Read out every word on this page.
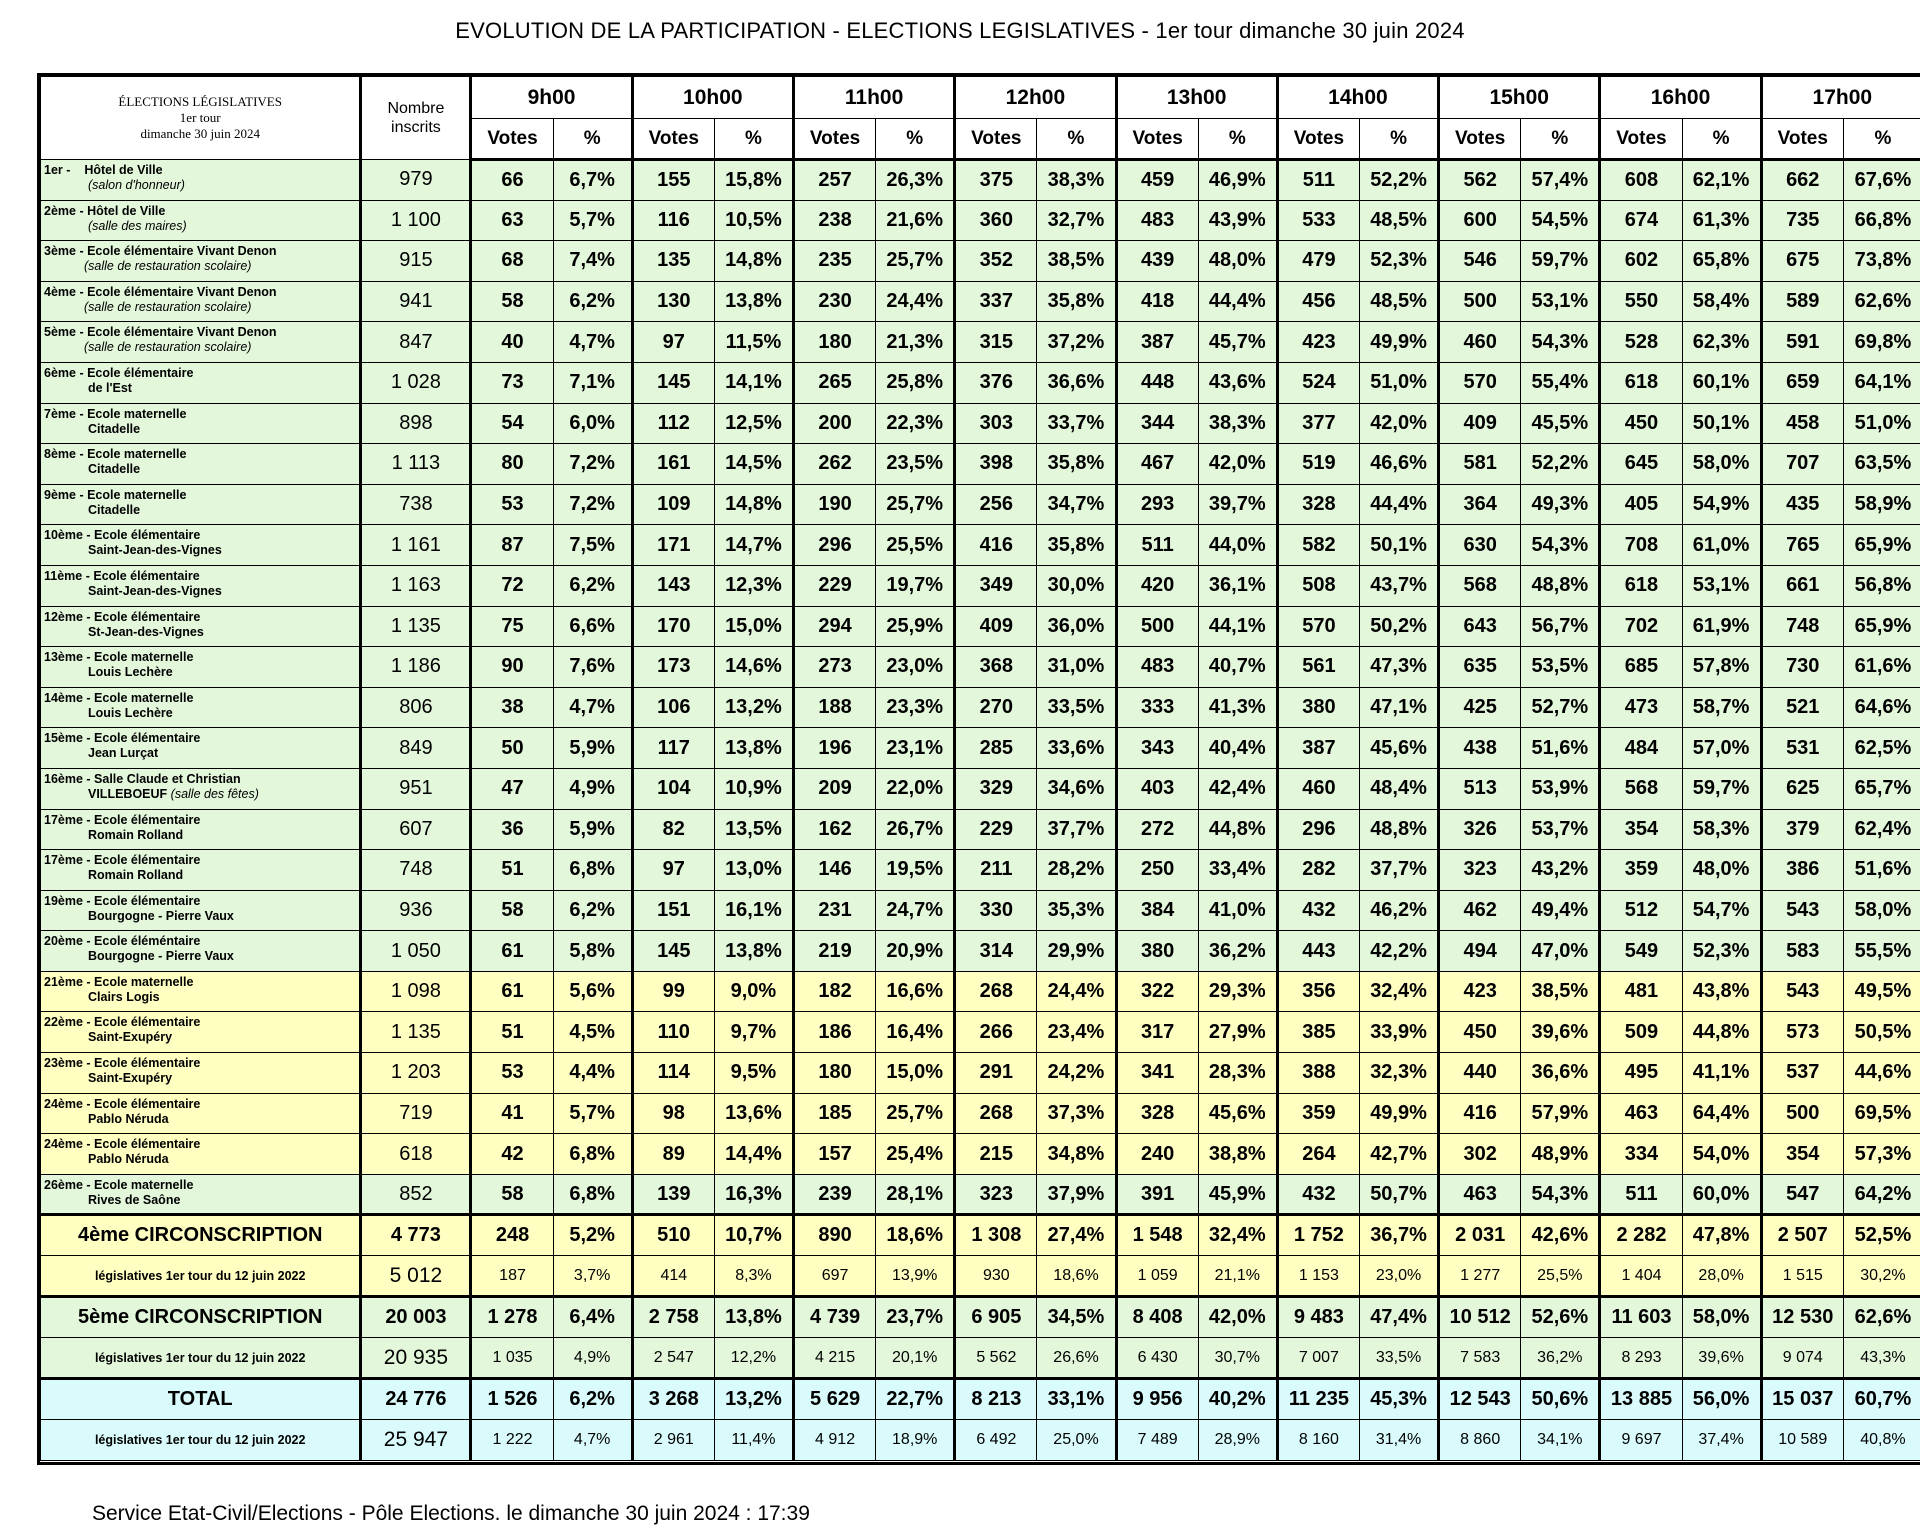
EVOLUTION DE LA PARTICIPATION - ELECTIONS LEGISLATIVES - 1er tour dimanche 30 juin 2024
ÉLECTIONS LÉGISLATIVES
1er tour
dimanche 30 juin 2024	Nombre inscrits	9h00		10h00		11h00		12h00		13h00		14h00		15h00		16h00		17h00	
		Votes	%	Votes	%	Votes	%	Votes	%	Votes	%	Votes	%	Votes	%	Votes	%	Votes	%
1er - Hôtel de Ville
(salon d'honneur)	979	66	6,7%	155	15,8%	257	26,3%	375	38,3%	459	46,9%	511	52,2%	562	57,4%	608	62,1%	662	67,6%
2ème - Hôtel de Ville
(salle des maires)	1 100	63	5,7%	116	10,5%	238	21,6%	360	32,7%	483	43,9%	533	48,5%	600	54,5%	674	61,3%	735	66,8%
3ème - Ecole élémentaire Vivant Denon
(salle de restauration scolaire)	915	68	7,4%	135	14,8%	235	25,7%	352	38,5%	439	48,0%	479	52,3%	546	59,7%	602	65,8%	675	73,8%
4ème - Ecole élémentaire Vivant Denon
(salle de restauration scolaire)	941	58	6,2%	130	13,8%	230	24,4%	337	35,8%	418	44,4%	456	48,5%	500	53,1%	550	58,4%	589	62,6%
5ème - Ecole élémentaire Vivant Denon
(salle de restauration scolaire)	847	40	4,7%	97	11,5%	180	21,3%	315	37,2%	387	45,7%	423	49,9%	460	54,3%	528	62,3%	591	69,8%
6ème - Ecole élémentaire
de l'Est	1 028	73	7,1%	145	14,1%	265	25,8%	376	36,6%	448	43,6%	524	51,0%	570	55,4%	618	60,1%	659	64,1%
7ème - Ecole maternelle
Citadelle	898	54	6,0%	112	12,5%	200	22,3%	303	33,7%	344	38,3%	377	42,0%	409	45,5%	450	50,1%	458	51,0%
8ème - Ecole maternelle
Citadelle	1 113	80	7,2%	161	14,5%	262	23,5%	398	35,8%	467	42,0%	519	46,6%	581	52,2%	645	58,0%	707	63,5%
9ème - Ecole maternelle
Citadelle	738	53	7,2%	109	14,8%	190	25,7%	256	34,7%	293	39,7%	328	44,4%	364	49,3%	405	54,9%	435	58,9%
10ème - Ecole élémentaire
Saint-Jean-des-Vignes	1 161	87	7,5%	171	14,7%	296	25,5%	416	35,8%	511	44,0%	582	50,1%	630	54,3%	708	61,0%	765	65,9%
11ème - Ecole élémentaire
Saint-Jean-des-Vignes	1 163	72	6,2%	143	12,3%	229	19,7%	349	30,0%	420	36,1%	508	43,7%	568	48,8%	618	53,1%	661	56,8%
12ème - Ecole élémentaire
St-Jean-des-Vignes	1 135	75	6,6%	170	15,0%	294	25,9%	409	36,0%	500	44,1%	570	50,2%	643	56,7%	702	61,9%	748	65,9%
13ème - Ecole maternelle
Louis Lechère	1 186	90	7,6%	173	14,6%	273	23,0%	368	31,0%	483	40,7%	561	47,3%	635	53,5%	685	57,8%	730	61,6%
14ème - Ecole maternelle
Louis Lechère	806	38	4,7%	106	13,2%	188	23,3%	270	33,5%	333	41,3%	380	47,1%	425	52,7%	473	58,7%	521	64,6%
15ème - Ecole élémentaire
Jean Lurçat	849	50	5,9%	117	13,8%	196	23,1%	285	33,6%	343	40,4%	387	45,6%	438	51,6%	484	57,0%	531	62,5%
16ème - Salle Claude et Christian
VILLEBOEUF (salle des fêtes)	951	47	4,9%	104	10,9%	209	22,0%	329	34,6%	403	42,4%	460	48,4%	513	53,9%	568	59,7%	625	65,7%
17ème - Ecole élémentaire
Romain Rolland	607	36	5,9%	82	13,5%	162	26,7%	229	37,7%	272	44,8%	296	48,8%	326	53,7%	354	58,3%	379	62,4%
17ème - Ecole élémentaire
Romain Rolland	748	51	6,8%	97	13,0%	146	19,5%	211	28,2%	250	33,4%	282	37,7%	323	43,2%	359	48,0%	386	51,6%
19ème - Ecole élémentaire
Bourgogne - Pierre Vaux	936	58	6,2%	151	16,1%	231	24,7%	330	35,3%	384	41,0%	432	46,2%	462	49,4%	512	54,7%	543	58,0%
20ème - Ecole éléméntaire
Bourgogne - Pierre Vaux	1 050	61	5,8%	145	13,8%	219	20,9%	314	29,9%	380	36,2%	443	42,2%	494	47,0%	549	52,3%	583	55,5%
21ème - Ecole maternelle
Clairs Logis	1 098	61	5,6%	99	9,0%	182	16,6%	268	24,4%	322	29,3%	356	32,4%	423	38,5%	481	43,8%	543	49,5%
22ème - Ecole élémentaire
Saint-Exupéry	1 135	51	4,5%	110	9,7%	186	16,4%	266	23,4%	317	27,9%	385	33,9%	450	39,6%	509	44,8%	573	50,5%
23ème - Ecole élémentaire
Saint-Exupéry	1 203	53	4,4%	114	9,5%	180	15,0%	291	24,2%	341	28,3%	388	32,3%	440	36,6%	495	41,1%	537	44,6%
24ème - Ecole élémentaire
Pablo Néruda	719	41	5,7%	98	13,6%	185	25,7%	268	37,3%	328	45,6%	359	49,9%	416	57,9%	463	64,4%	500	69,5%
24ème - Ecole élémentaire
Pablo Néruda	618	42	6,8%	89	14,4%	157	25,4%	215	34,8%	240	38,8%	264	42,7%	302	48,9%	334	54,0%	354	57,3%
26ème - Ecole maternelle
Rives de Saône	852	58	6,8%	139	16,3%	239	28,1%	323	37,9%	391	45,9%	432	50,7%	463	54,3%	511	60,0%	547	64,2%
4ème CIRCONSCRIPTION	4 773	248	5,2%	510	10,7%	890	18,6%	1 308	27,4%	1 548	32,4%	1 752	36,7%	2 031	42,6%	2 282	47,8%	2 507	52,5%
législatives 1er tour du 12 juin 2022	5 012	187	3,7%	414	8,3%	697	13,9%	930	18,6%	1 059	21,1%	1 153	23,0%	1 277	25,5%	1 404	28,0%	1 515	30,2%
5ème CIRCONSCRIPTION	20 003	1 278	6,4%	2 758	13,8%	4 739	23,7%	6 905	34,5%	8 408	42,0%	9 483	47,4%	10 512	52,6%	11 603	58,0%	12 530	62,6%
législatives 1er tour du 12 juin 2022	20 935	1 035	4,9%	2 547	12,2%	4 215	20,1%	5 562	26,6%	6 430	30,7%	7 007	33,5%	7 583	36,2%	8 293	39,6%	9 074	43,3%
TOTAL	24 776	1 526	6,2%	3 268	13,2%	5 629	22,7%	8 213	33,1%	9 956	40,2%	11 235	45,3%	12 543	50,6%	13 885	56,0%	15 037	60,7%
législatives 1er tour du 12 juin 2022	25 947	1 222	4,7%	2 961	11,4%	4 912	18,9%	6 492	25,0%	7 489	28,9%	8 160	31,4%	8 860	34,1%	9 697	37,4%	10 589	40,8%
Service Etat-Civil/Elections - Pôle Elections. le dimanche 30 juin 2024 : 17:39
